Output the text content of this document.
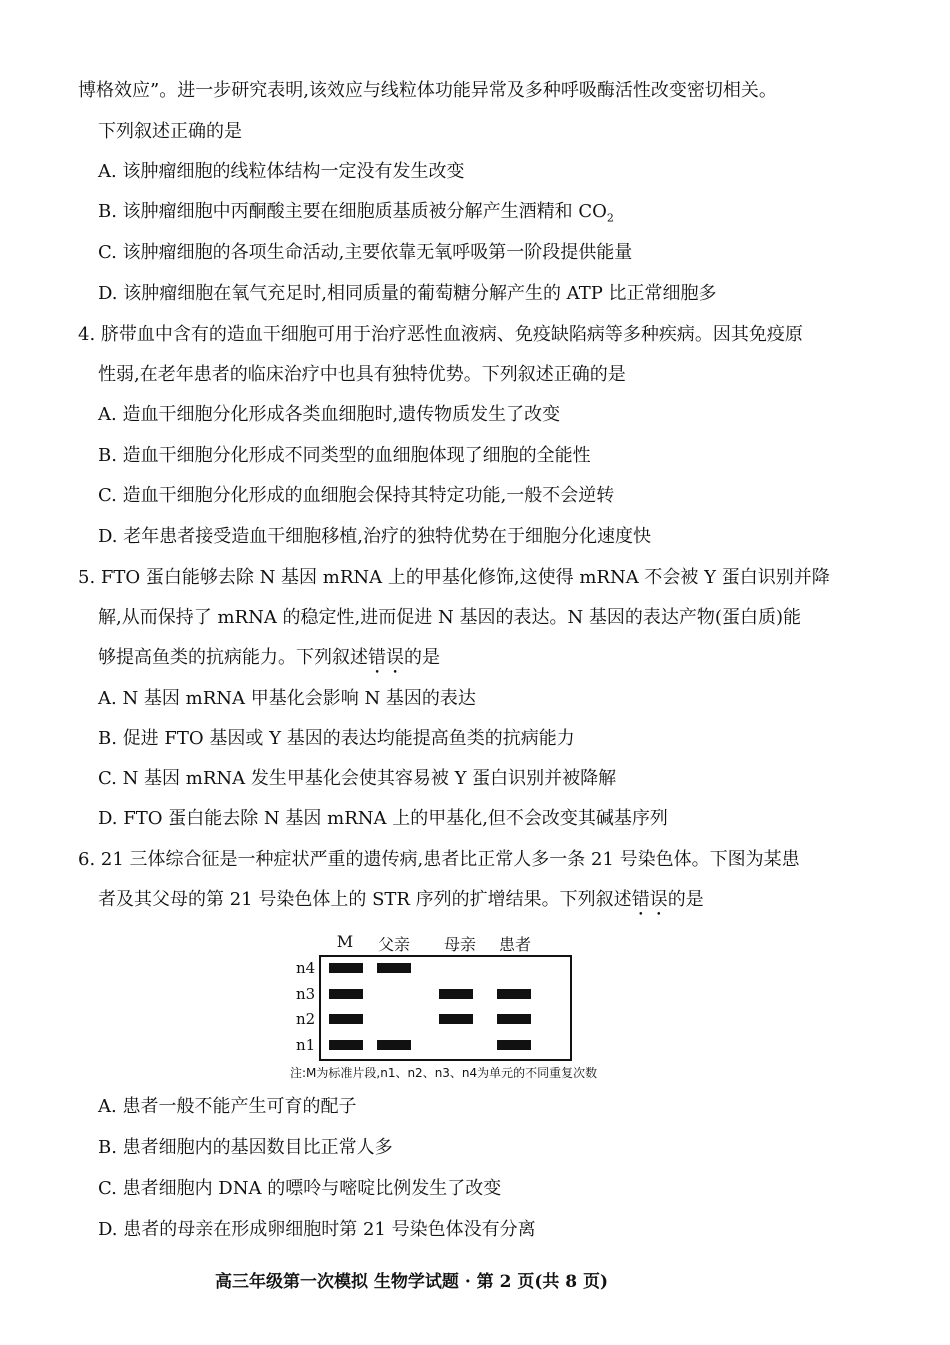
博格效应”。进一步研究表明,该效应与线粒体功能异常及多种呼吸酶活性改变密切相关。
下列叙述正确的是
A. 该肿瘤细胞的线粒体结构一定没有发生改变
B. 该肿瘤细胞中丙酮酸主要在细胞质基质被分解产生酒精和 $CO_2$
C. 该肿瘤细胞的各项生命活动,主要依靠无氧呼吸第一阶段提供能量
D. 该肿瘤细胞在氧气充足时,相同质量的葡萄糖分解产生的 ATP 比正常细胞多
4. 脐带血中含有的造血干细胞可用于治疗恶性血液病、免疫缺陷病等多种疾病。因其免疫原
性弱,在老年患者的临床治疗中也具有独特优势。下列叙述正确的是
A. 造血干细胞分化形成各类血细胞时,遗传物质发生了改变
B. 造血干细胞分化形成不同类型的血细胞体现了细胞的全能性
C. 造血干细胞分化形成的血细胞会保持其特定功能,一般不会逆转
D. 老年患者接受造血干细胞移植,治疗的独特优势在于细胞分化速度快
5. FTO 蛋白能够去除 N 基因 mRNA 上的甲基化修饰,这使得 mRNA 不会被 Y 蛋白识别并降
解,从而保持了 mRNA 的稳定性,进而促进 N 基因的表达。N 基因的表达产物(蛋白质)能
够提高鱼类的抗病能力。下列叙述错误的是
A. N 基因 mRNA 甲基化会影响 N 基因的表达
B. 促进 FTO 基因或 Y 基因的表达均能提高鱼类的抗病能力
C. N 基因 mRNA 发生甲基化会使其容易被 Y 蛋白识别并被降解
D. FTO 蛋白能去除 N 基因 mRNA 上的甲基化,但不会改变其碱基序列
6. 21 三体综合征是一种症状严重的遗传病,患者比正常人多一条 21 号染色体。下图为某患
者及其父母的第 21 号染色体上的 STR 序列的扩增结果。下列叙述错误的是
M	父亲 母亲 患者
n4
n3
n2
n1
注:M为标准片段,n1、n2、n3、n4为单元的不同重复次数
A. 患者一般不能产生可育的配子
B. 患者细胞内的基因数目比正常人多
C. 患者细胞内 DNA 的嘌呤与嘧啶比例发生了改变
D. 患者的母亲在形成卵细胞时第 21 号染色体没有分离
高三年级第一次模拟 生物学试题 · 第 2 页(共 8 页)
